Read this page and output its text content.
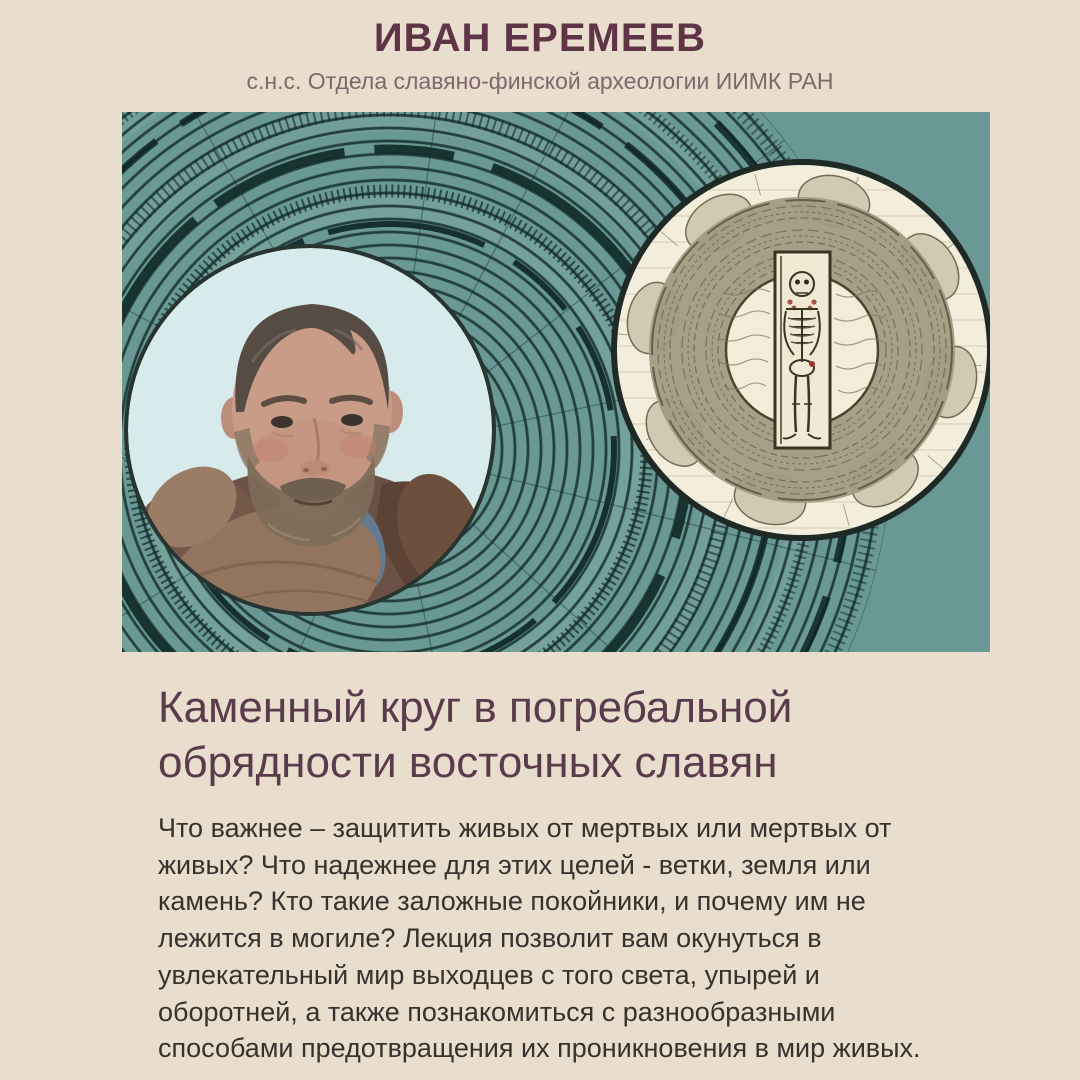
ИВАН ЕРЕМЕЕВ
с.н.с. Отдела славяно-финской археологии ИИМК РАН
Каменный круг в погребальной обрядности восточных славян
Что важнее – защитить живых от мертвых или мертвых от живых? Что надежнее для этих целей - ветки, земля или камень? Кто такие заложные покойники, и почему им не лежится в могиле? Лекция позволит вам окунуться в увлекательный мир выходцев с того света, упырей и оборотней, а также познакомиться с разнообразными способами предотвращения их проникновения в мир живых.
